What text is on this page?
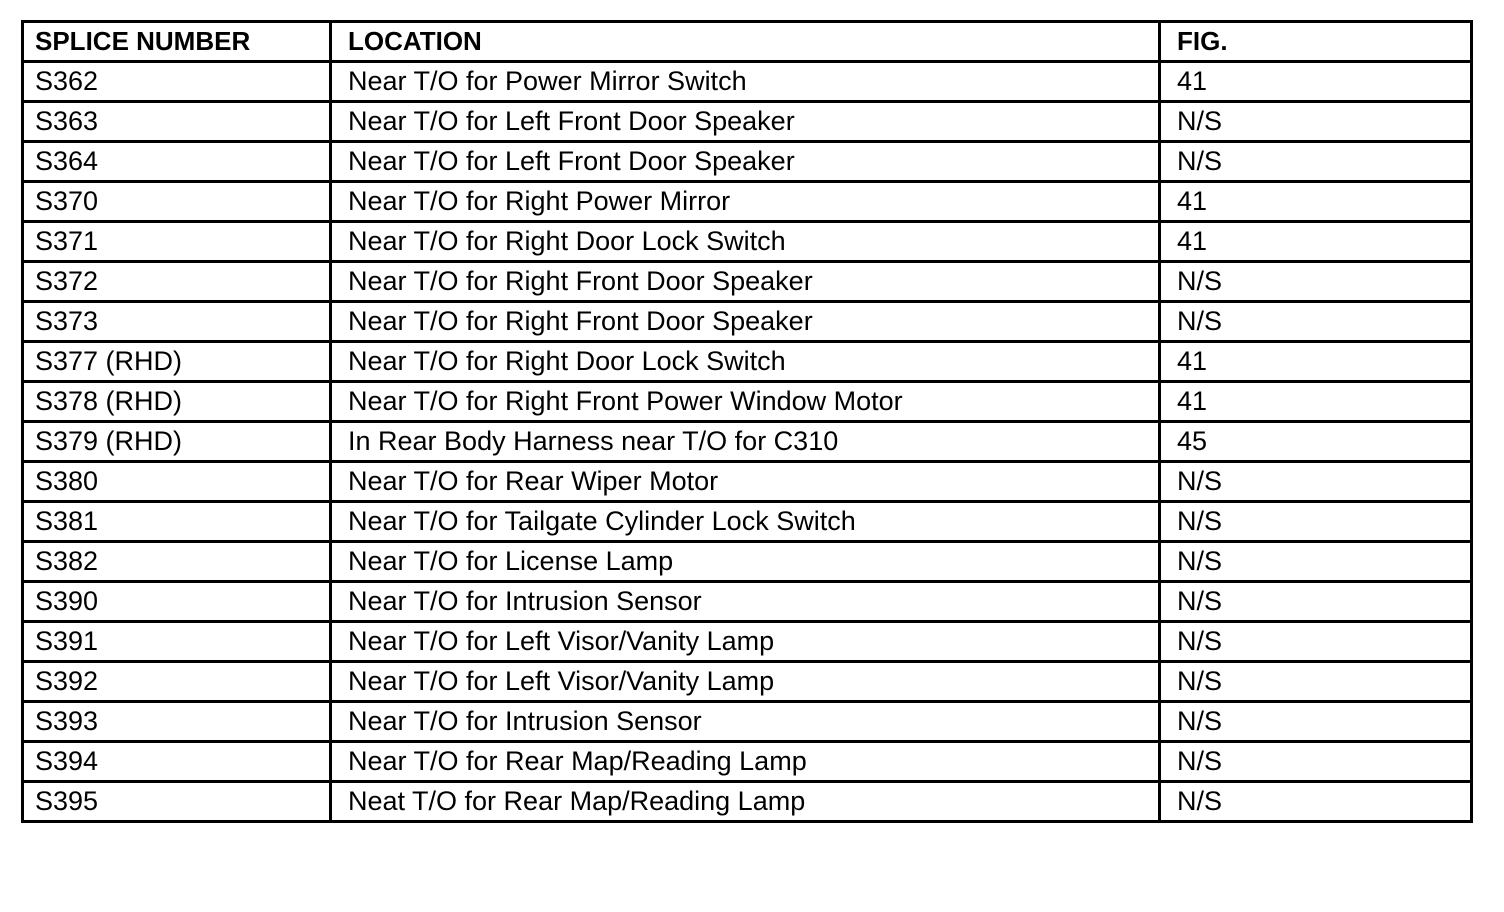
SPLICE NUMBER	LOCATION	FIG.
S362	Near T/O for Power Mirror Switch	41
S363	Near T/O for Left Front Door Speaker	N/S
S364	Near T/O for Left Front Door Speaker	N/S
S370	Near T/O for Right Power Mirror	41
S371	Near T/O for Right Door Lock Switch	41
S372	Near T/O for Right Front Door Speaker	N/S
S373	Near T/O for Right Front Door Speaker	N/S
S377 (RHD)	Near T/O for Right Door Lock Switch	41
S378 (RHD)	Near T/O for Right Front Power Window Motor	41
S379 (RHD)	In Rear Body Harness near T/O for C310	45
S380	Near T/O for Rear Wiper Motor	N/S
S381	Near T/O for Tailgate Cylinder Lock Switch	N/S
S382	Near T/O for License Lamp	N/S
S390	Near T/O for Intrusion Sensor	N/S
S391	Near T/O for Left Visor/Vanity Lamp	N/S
S392	Near T/O for Left Visor/Vanity Lamp	N/S
S393	Near T/O for Intrusion Sensor	N/S
S394	Near T/O for Rear Map/Reading Lamp	N/S
S395	Neat T/O for Rear Map/Reading Lamp	N/S
